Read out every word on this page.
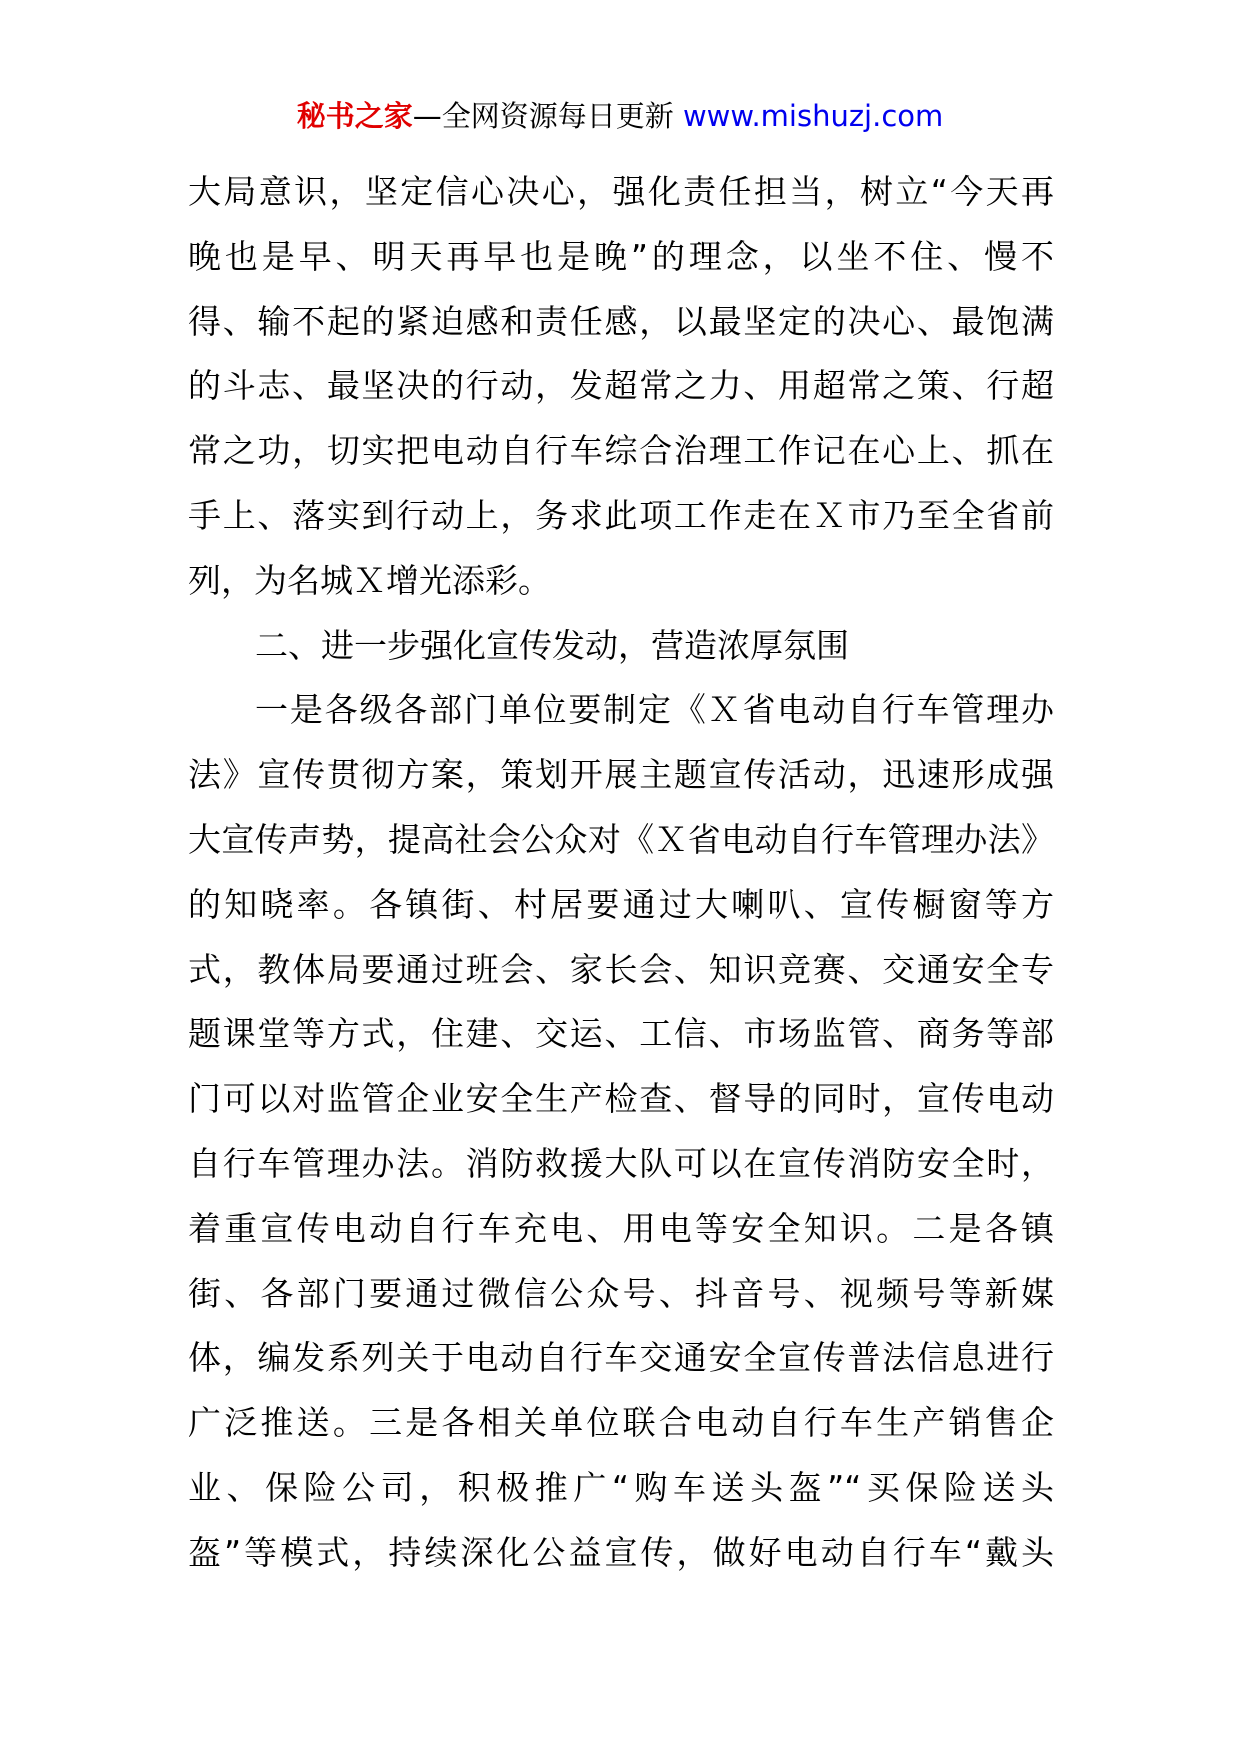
秘书之家—全网资源每日更新 www.mishuzj.com
大局意识，坚定信心决心，强化责任担当，树立“今天再
晚也是早、明天再早也是晚”的理念，以坐不住、慢不
得、输不起的紧迫感和责任感，以最坚定的决心、最饱满
的斗志、最坚决的行动，发超常之力、用超常之策、行超
常之功，切实把电动自行车综合治理工作记在心上、抓在
手上、落实到行动上，务求此项工作走在Ｘ市乃至全省前
列，为名城Ｘ增光添彩。
二、进一步强化宣传发动，营造浓厚氛围
一是各级各部门单位要制定《Ｘ省电动自行车管理办
法》宣传贯彻方案，策划开展主题宣传活动，迅速形成强
大宣传声势，提高社会公众对《Ｘ省电动自行车管理办法》
的知晓率。各镇街、村居要通过大喇叭、宣传橱窗等方
式，教体局要通过班会、家长会、知识竞赛、交通安全专
题课堂等方式，住建、交运、工信、市场监管、商务等部
门可以对监管企业安全生产检查、督导的同时，宣传电动
自行车管理办法。消防救援大队可以在宣传消防安全时，
着重宣传电动自行车充电、用电等安全知识。二是各镇
街、各部门要通过微信公众号、抖音号、视频号等新媒
体，编发系列关于电动自行车交通安全宣传普法信息进行
广泛推送。三是各相关单位联合电动自行车生产销售企
业、保险公司，积极推广“购车送头盔”“买保险送头
盔”等模式，持续深化公益宣传，做好电动自行车“戴头
